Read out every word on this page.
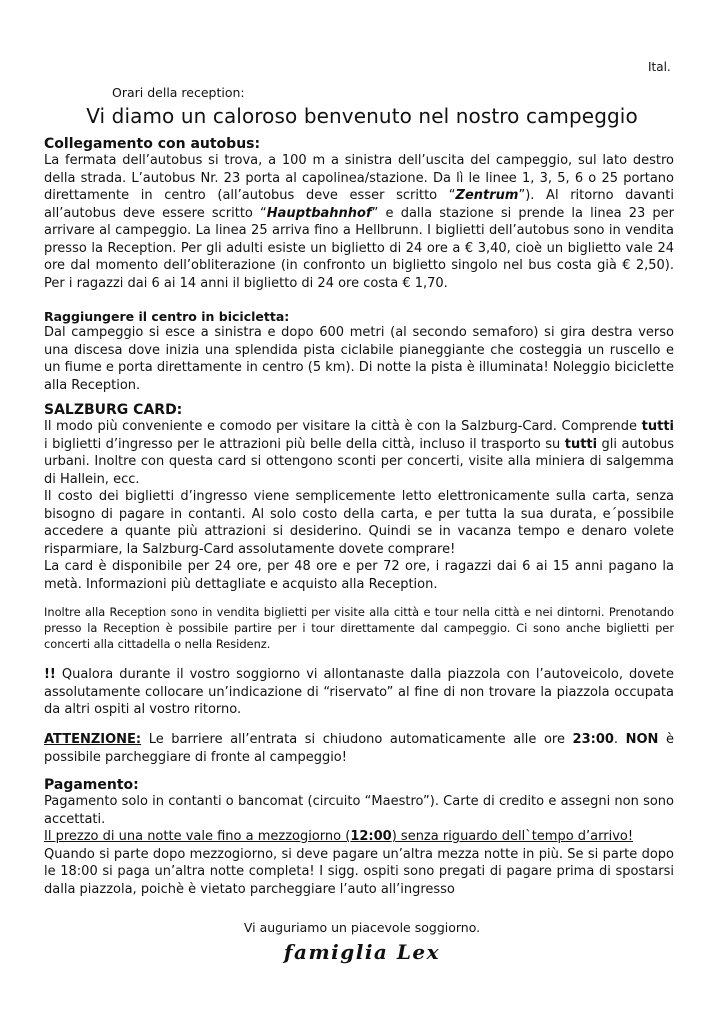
Ital.
Orari della reception:
Vi diamo un caloroso benvenuto nel nostro campeggio

Collegamento con autobus:

La fermata dell’autobus si trova, a 100 m a sinistra dell’uscita del campeggio, sul lato destro della strada. L’autobus Nr. 23 porta al capolinea/stazione. Da lì le linee 1, 3, 5, 6 o 25 portano direttamente in centro (all’autobus deve esser scritto “Zentrum”). Al ritorno davanti all’autobus deve essere scritto “Hauptbahnhof” e dalla stazione si prende la linea 23 per arrivare al campeggio. La linea 25 arriva fino a Hellbrunn. I biglietti dell’autobus sono in vendita presso la Reception. Per gli adulti esiste un biglietto di 24 ore a € 3,40, cioè un biglietto vale 24 ore dal momento dell’obliterazione (in confronto un biglietto singolo nel bus costa già € 2,50). Per i ragazzi dai 6 ai 14 anni il biglietto di 24 ore costa € 1,70.

Raggiungere il centro in bicicletta:

Dal campeggio si esce a sinistra e dopo 600 metri (al secondo semaforo) si gira destra verso una discesa dove inizia una splendida pista ciclabile pianeggiante che costeggia un ruscello e un fiume e porta direttamente in centro (5 km). Di notte la pista è illuminata! Noleggio biciclette alla Reception.

SALZBURG CARD:

Il modo più conveniente e comodo per visitare la città è con la Salzburg-Card. Comprende tutti i biglietti d’ingresso per le attrazioni più belle della città, incluso il trasporto su tutti gli autobus urbani. Inoltre con questa card si ottengono sconti per concerti, visite alla miniera di salgemma di Hallein, ecc.

Il costo dei biglietti d’ingresso viene semplicemente letto elettronicamente sulla carta, senza bisogno di pagare in contanti. Al solo costo della carta, e per tutta la sua durata, e´possibile accedere a quante più attrazioni si desiderino. Quindi se in vacanza tempo e denaro volete risparmiare, la Salzburg-Card assolutamente dovete comprare!

La card è disponibile per 24 ore, per 48 ore e per 72 ore, i ragazzi dai 6 ai 15 anni pagano la metà. Informazioni più dettagliate e acquisto alla Reception.

Inoltre alla Reception sono in vendita biglietti per visite alla città e tour nella città e nei dintorni. Prenotando presso la Reception è possibile partire per i tour direttamente dal campeggio. Ci sono anche biglietti per concerti alla cittadella o nella Residenz.

!! Qualora durante il vostro soggiorno vi allontanaste dalla piazzola con l’autoveicolo, dovete assolutamente collocare un’indicazione di “riservato” al fine di non trovare la piazzola occupata da altri ospiti al vostro ritorno.

ATTENZIONE: Le barriere all’entrata si chiudono automaticamente alle ore 23:00. NON è possibile parcheggiare di fronte al campeggio!

Pagamento:

Pagamento solo in contanti o bancomat (circuito “Maestro”). Carte di credito e assegni non sono accettati.

Il prezzo di una notte vale fino a mezzogiorno (12:00) senza riguardo dell`tempo d’arrivo!

Quando si parte dopo mezzogiorno, si deve pagare un’altra mezza notte in più. Se si parte dopo le 18:00 si paga un’altra notte completa! I sigg. ospiti sono pregati di pagare prima di spostarsi dalla piazzola, poichè è vietato parcheggiare l’auto all’ingresso

Vi auguriamo un piacevole soggiorno.
famiglia Lex
